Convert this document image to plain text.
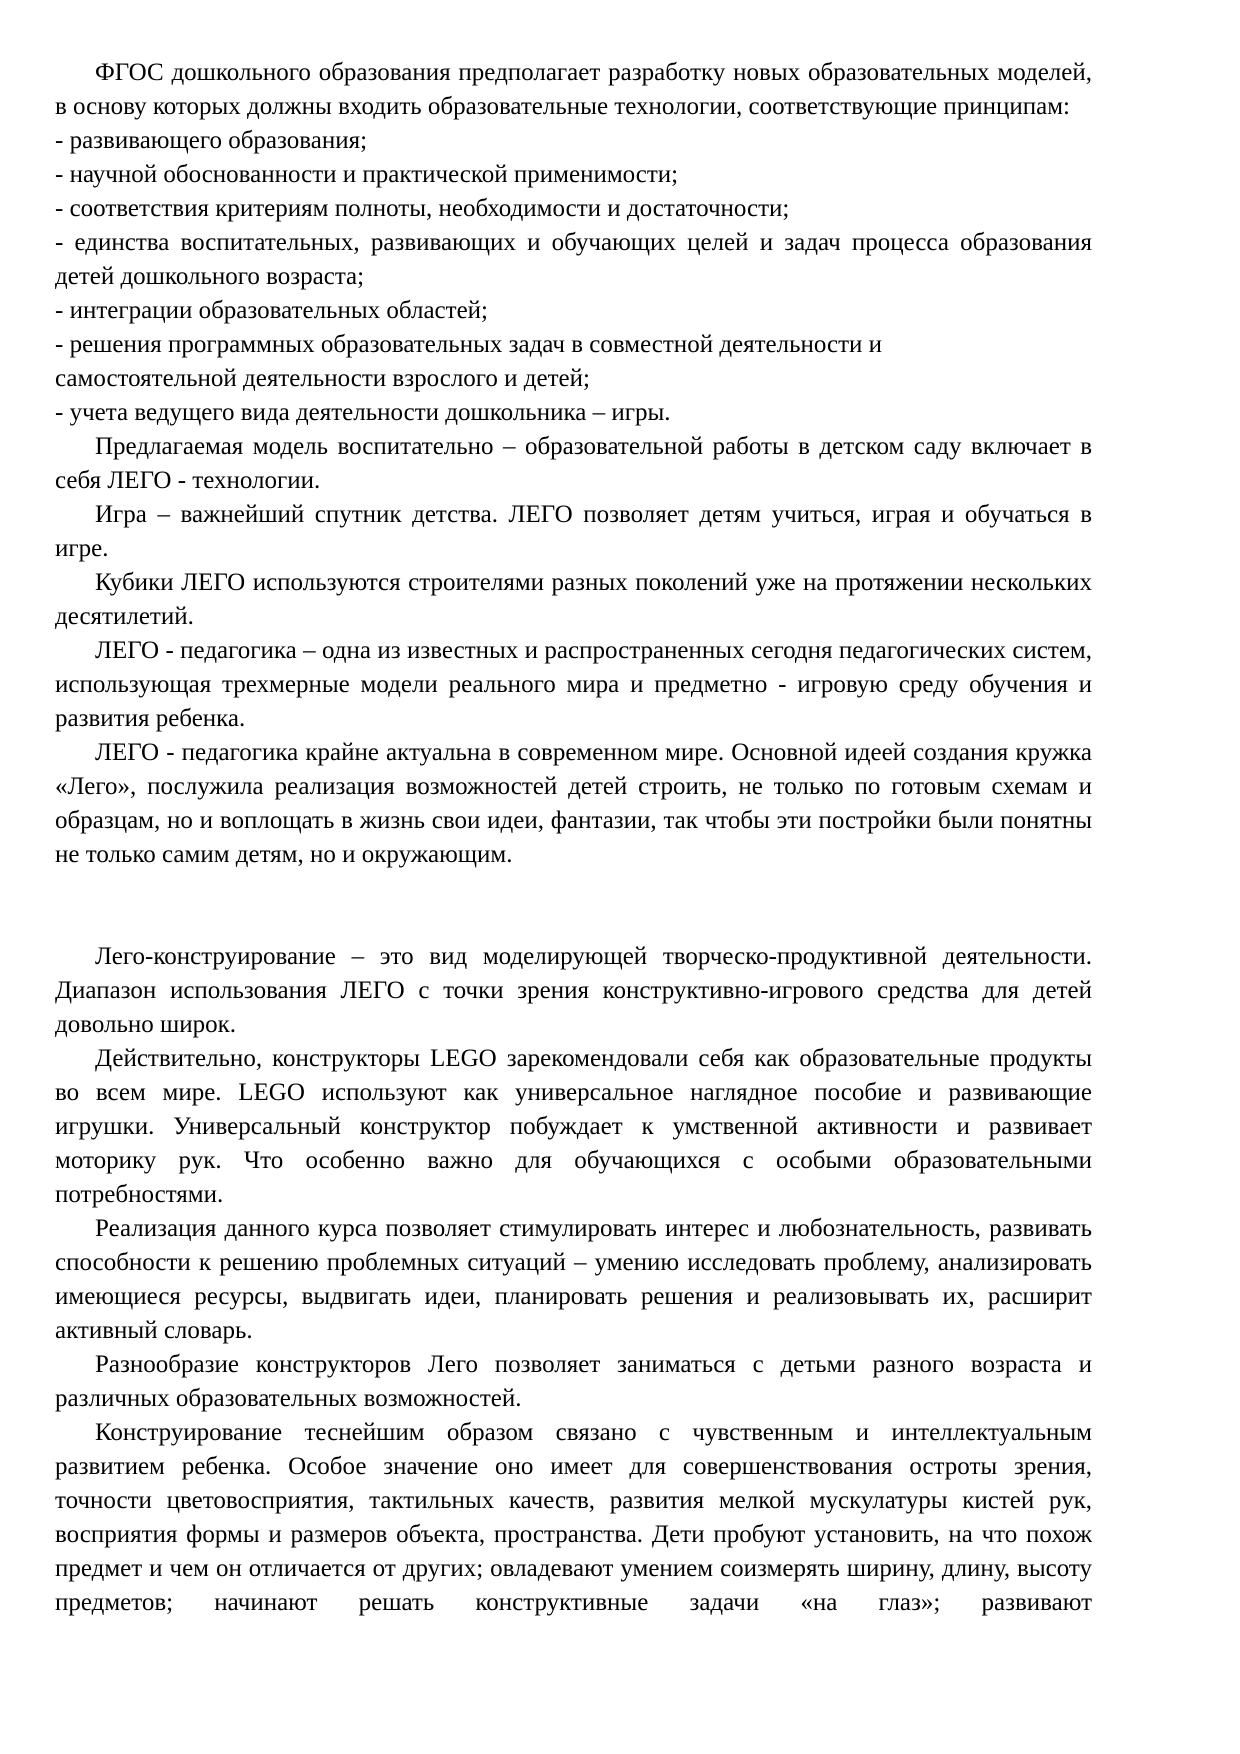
ФГОС дошкольного образования предполагает разработку новых образовательных моделей, в основу которых должны входить образовательные технологии, соответствующие принципам:

- развивающего образования;

- научной обоснованности и практической применимости;

- соответствия критериям полноты, необходимости и достаточности;

- единства воспитательных, развивающих и обучающих целей и задач процесса образования детей дошкольного возраста;

- интеграции образовательных областей;

- решения программных образовательных задач в совместной деятельности и

самостоятельной деятельности взрослого и детей;

- учета ведущего вида деятельности дошкольника – игры.

Предлагаемая модель воспитательно – образовательной работы в детском саду включает в себя ЛЕГО - технологии.

Игра – важнейший спутник детства. ЛЕГО позволяет детям учиться, играя и обучаться в игре.

Кубики ЛЕГО используются строителями разных поколений уже на протяжении нескольких десятилетий.

ЛЕГО - педагогика – одна из известных и распространенных сегодня педагогических систем, использующая трехмерные модели реального мира и предметно - игровую среду обучения и развития ребенка.

ЛЕГО - педагогика крайне актуальна в современном мире. Основной идеей создания кружка «Лего», послужила реализация возможностей детей строить, не только по готовым схемам и образцам, но и воплощать в жизнь свои идеи, фантазии, так чтобы эти постройки были понятны не только самим детям, но и окружающим.

Лего-конструирование – это вид моделирующей творческо-продуктивной деятельности. Диапазон использования ЛЕГО с точки зрения конструктивно-игрового средства для детей довольно широк.

Действительно, конструкторы LEGO зарекомендовали себя как образовательные продукты во всем мире. LEGO используют как универсальное наглядное пособие и развивающие игрушки. Универсальный конструктор побуждает к умственной активности и развивает моторику рук. Что особенно важно для обучающихся с особыми образовательными потребностями.

Реализация данного курса позволяет стимулировать интерес и любознательность, развивать способности к решению проблемных ситуаций – умению исследовать проблему, анализировать имеющиеся ресурсы, выдвигать идеи, планировать решения и реализовывать их, расширит активный словарь.

Разнообразие конструкторов Лего позволяет заниматься с детьми разного возраста и различных образовательных возможностей.

Конструирование теснейшим образом связано с чувственным и интеллектуальным развитием ребенка. Особое значение оно имеет для совершенствования остроты зрения, точности цветовосприятия, тактильных качеств, развития мелкой мускулатуры кистей рук, восприятия формы и размеров объекта, пространства. Дети пробуют установить, на что похож предмет и чем он отличается от других; овладевают умением соизмерять ширину, длину, высоту предметов; начинают решать конструктивные задачи «на глаз»; развивают
